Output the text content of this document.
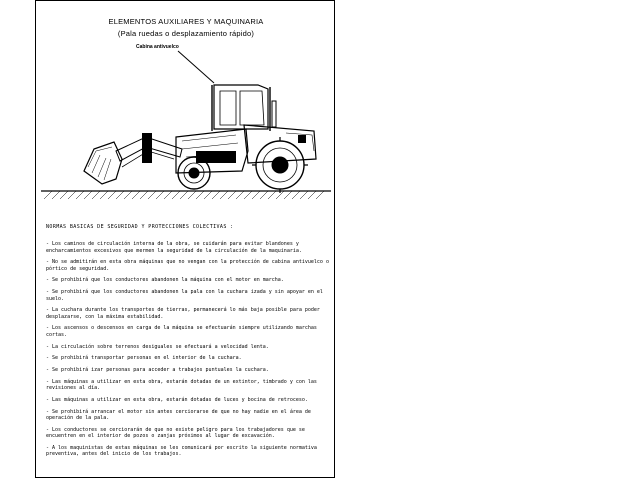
ELEMENTOS AUXILIARES Y MAQUINARIA
(Pala ruedas o desplazamiento rápido)
Cabina antivuelco
NORMAS BASICAS DE SEGURIDAD Y PROTECCIONES COLECTIVAS :
- Los caminos de circulación interna de la obra, se cuidarán para evitar blandones y encharcamientos excesivos que mermen la seguridad de la circulación de la maquinaria.
- No se admitirán en esta obra máquinas que no vengan con la protección de cabina antivuelco o pórtico de seguridad.
- Se prohibirá que los conductores abandonen la máquina con el motor en marcha.
- Se prohibirá que los conductores abandonen la pala con la cuchara izada y sin apoyar en el suelo.
- La cuchara durante los transportes de tierras, permanecerá lo más baja posible para poder desplazarse, con la máxima estabilidad.
- Los ascensos o descensos en carga de la máquina se efectuarán siempre utilizando marchas cortas.
- La circulación sobre terrenos desiguales se efectuará a velocidad lenta.
- Se prohibirá transportar personas en el interior de la cuchara.
- Se prohibirá izar personas para acceder a trabajos puntuales la cuchara.
- Las máquinas a utilizar en esta obra, estarán dotadas de un extintor, timbrado y con las revisiones al día.
- Las máquinas a utilizar en esta obra, estarán dotadas de luces y bocina de retroceso.
- Se prohibirá arrancar el motor sin antes cerciorarse de que no hay nadie en el área de operación de la pala.
- Los conductores se cerciorarán de que no existe peligro para los trabajadores que se encuentren en el interior de pozos o zanjas próximos al lugar de excavación.
- A los maquinistas de estas máquinas se les comunicará por escrito la siguiente normativa preventiva, antes del inicio de los trabajos.
